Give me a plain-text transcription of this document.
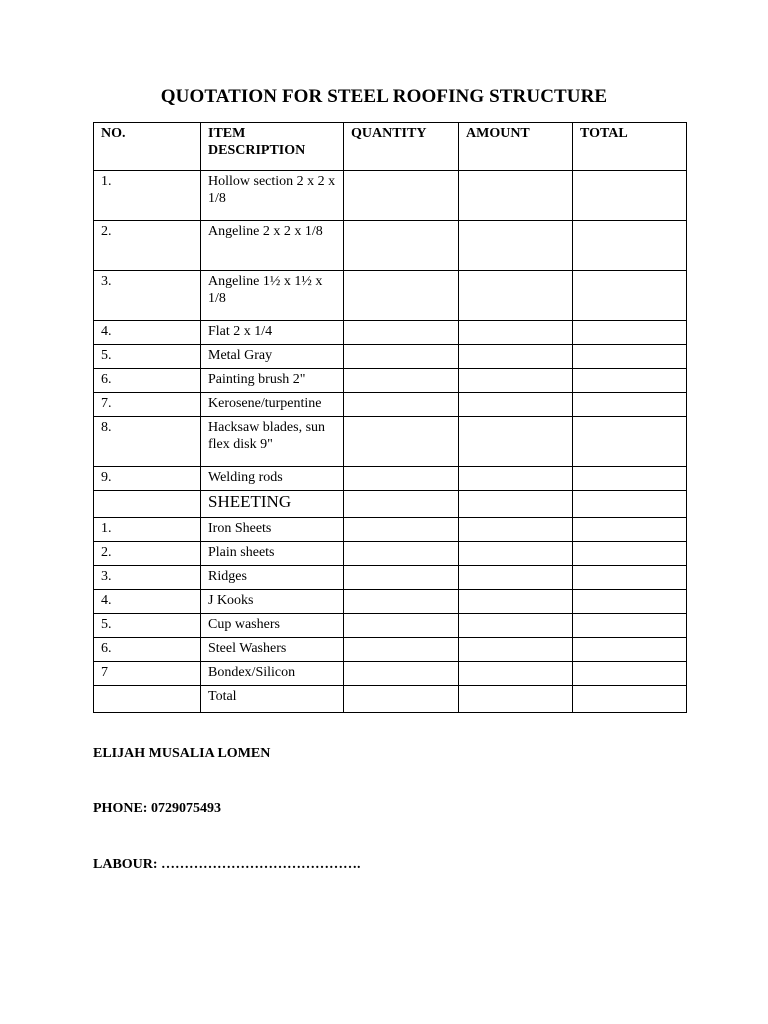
QUOTATION FOR STEEL ROOFING STRUCTURE
NO.	ITEM DESCRIPTION	QUANTITY	AMOUNT	TOTAL
1.	Hollow section 2 x 2 x 1/8			
2.	Angeline 2 x 2 x 1/8			
3.	Angeline 1½ x 1½ x 1/8			
4.	Flat 2 x 1/4			
5.	Metal Gray			
6.	Painting brush 2"			
7.	Kerosene/turpentine			
8.	Hacksaw blades, sun flex disk 9"			
9.	Welding rods			
	SHEETING			
1.	Iron Sheets			
2.	Plain sheets			
3.	Ridges			
4.	J Kooks			
5.	Cup washers			
6.	Steel Washers			
7	Bondex/Silicon			
	Total			
ELIJAH MUSALIA LOMEN
PHONE: 0729075493
LABOUR: …………………………………….
